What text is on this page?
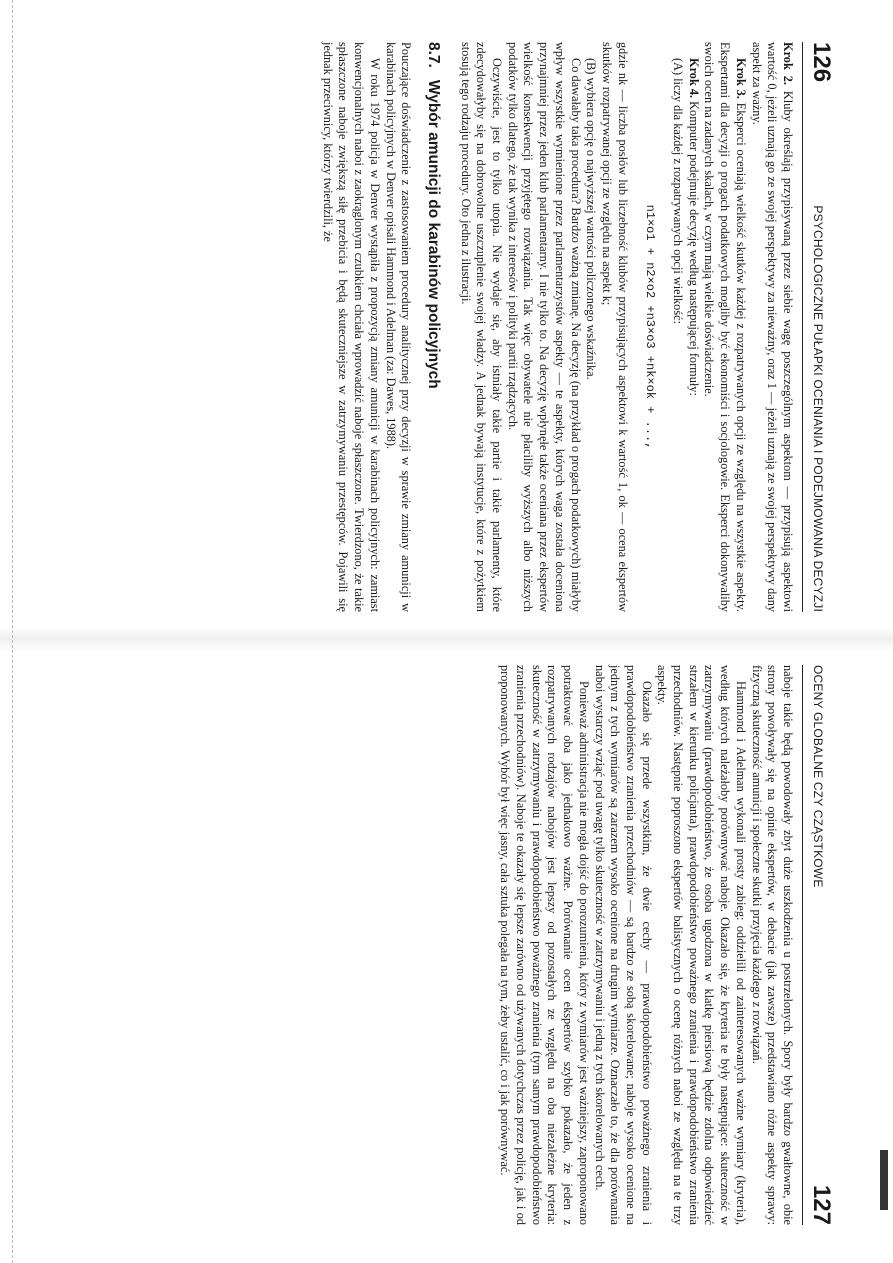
126
PSYCHOLOGICZNE PUŁAPKI OCENIANIA I PODEJMOWANIA DECYZJI

Krok 2. Kluby określają przypisywaną przez siebie wagę poszczególnym aspektom — przypisują aspektowi wartość 0, jeżeli uznają go ze swojej perspektywy za nieważny, oraz 1 — jeżeli uznają ze swojej perspektywy dany aspekt za ważny.

Krok 3. Eksperci oceniają wielkość skutków każdej z rozpatrywanych opcji ze względu na wszystkie aspekty. Ekspertami dla decyzji o progach podatkowych mogliby być ekonomiści i socjologowie. Eksperci dokonywaliby swoich ocen na zadanych skalach, w czym mają wielkie doświadczenie.

Krok 4. Komputer podejmuje decyzję według następującej formuły:

(A) liczy dla każdej z rozpatrywanych opcji wielkość:

n1×o1 + n2×o2 +n3×o3 +nk×ok + ...,

gdzie nk — liczba posłów lub liczebność klubów przypisujących aspektowi k wartość 1, ok — ocena ekspertów skutków rozpatrywanej opcji ze względu na aspekt k;

(B) wybiera opcję o najwyższej wartości policzonego wskaźnika.

Co dawałaby taka procedura? Bardzo ważną zmianę. Na decyzję (na przykład o progach podatkowych) miałyby wpływ wszystkie wymienione przez parlamentarzystów aspekty — te aspekty, których waga została doceniona przynajmniej przez jeden klub parlamentarny. I nie tylko to. Na decyzję wpłynęłe także oceniana przez ekspertów wielkość konsekwencji przyjętego rozwiązania. Tak więc obywatele nie płaciliby wyższych albo niższych podatków tylko dlatego, że tak wynika z interesów i polityki partii rządzących.

Oczywiście, jest to tylko utopia. Nie wydaje się, aby istniały takie partie i takie parlamenty, które zdecydowałyby się na dobrowolne uszczuplenie swojej władzy. A jednak bywają instytucje, które z pożytkiem stosują tego rodzaju procedury. Oto jedna z ilustracji.

8.7.Wybór amunicji do karabinów policyjnych

Pouczające doświadczenie z zastosowaniem procedury analitycznej przy decyzji w sprawie zmiany amunicji w karabinach policyjnych w Denver opisali Hammond i Adelman (za: Dawes, 1988).

W roku 1974 policja w Denver wystąpiła z propozycją zmiany amunicji w karabinach policyjnych: zamiast konwencjonalnych naboi z zaokrąglonym czubkiem chciała wprowadzić naboje spłaszczone. Twierdzono, że takie spłaszczone naboje zwiększą siłę przebicia i będą skuteczniejsze w zatrzymywaniu przestępców. Pojawili się jednak przeciwnicy, którzy twierdzili, że

OCENY GLOBALNE CZY CZĄSTKOWE
127

naboje takie będą powodowały zbyt duże uszkodzenia u postrzelonych. Spory były bardzo gwałtowne, obie strony powoływały się na opinie ekspertów, w debacie (jak zawsze) przedstawiano różne aspekty sprawy: fizyczną skuteczność amunicji i społeczne skutki przyjęcia każdego z rozwiązań.

Hammond i Adelman wykonali prosty zabieg: oddzielili od zainteresowanych ważne wymiary (kryteria), według których należałoby porównywać naboje. Okazało się, że kryteria te były następujące: skuteczność w zatrzymywaniu (prawdopodobieństwo, że osoba ugodzona w klatkę piersiową będzie zdolna odpowiedzieć strzałem w kierunku policjanta), prawdopodobieństwo poważnego zranienia i prawdopodobieństwo zranienia przechodniów. Następnie poproszono ekspertów balistycznych o ocenę różnych naboi ze względu na te trzy aspekty.

Okazało się przede wszystkim, że dwie cechy — prawdopodobieństwo poważnego zranienia i prawdopodobieństwo zranienia przechodniów — są bardzo ze sobą skorelowane; naboje wysoko ocenione na jednym z tych wymiarów są zarazem wysoko ocenione na drugim wymiarze. Oznaczało to, że dla porównania naboi wystarczy wziąć pod uwagę tylko skuteczność w zatrzymywaniu i jedną z tych skorelowanych cech.

Ponieważ administracja nie mogła dojść do porozumienia, który z wymiarów jest ważniejszy, zaproponowano potraktować oba jako jednakowo ważne. Porównanie ocen ekspertów szybko pokazało, że jeden z rozpatrywanych rodzajów nabojów jest lepszy od pozostałych ze względu na oba niezależne kryteria: skuteczność w zatrzymywaniu i prawdopodobieństwo poważnego zranienia (tym samym prawdopodobieństwo zranienia przechodniów). Naboje te okazały się lepsze zarówno od używanych dotychczas przez policję, jak i od proponowanych. Wybór był więc jasny, cała sztuka polegała na tym, żeby ustalić, co i jak porównywać.
